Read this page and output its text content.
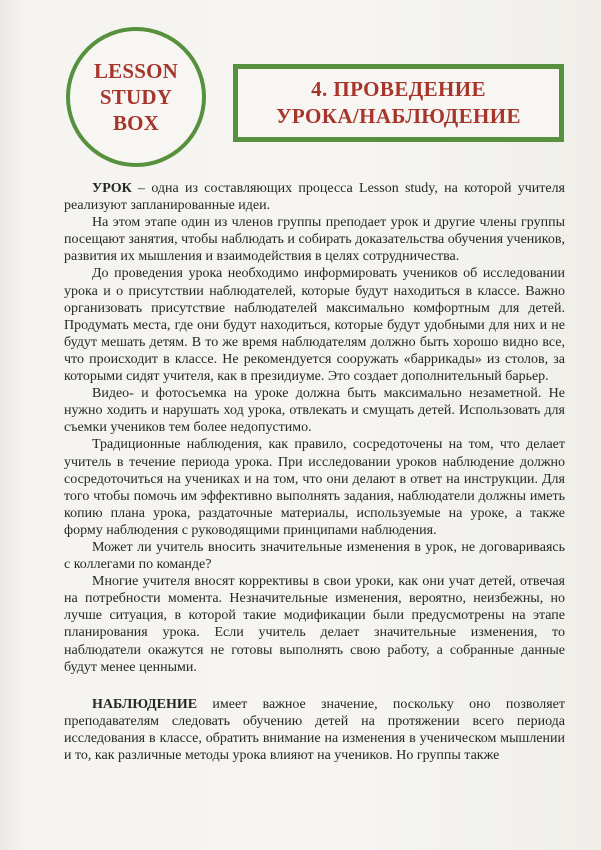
LESSON
STUDY
BOX
4. ПРОВЕДЕНИЕ
УРОКА/НАБЛЮДЕНИЕ

УРОК – одна из составляющих процесса Lesson study, на которой учителя реализуют запланированные идеи.

На этом этапе один из членов группы преподает урок и другие члены группы посещают занятия, чтобы наблюдать и собирать доказательства обучения учеников, развития их мышления и взаимодействия в целях сотрудничества.

До проведения урока необходимо информировать учеников об исследовании урока и о присутствии наблюдателей, которые будут находиться в классе. Важно организовать присутствие наблюдателей максимально комфортным для детей. Продумать места, где они будут находиться, которые будут удобными для них и не будут мешать детям. В то же время наблюдателям должно быть хорошо видно все, что происходит в классе. Не рекомендуется сооружать «баррикады» из столов, за которыми сидят учителя, как в президиуме. Это создает дополнительный барьер.

Видео- и фотосъемка на уроке должна быть максимально незаметной. Не нужно ходить и нарушать ход урока, отвлекать и смущать детей. Использовать для съемки учеников тем более недопустимо.

Традиционные наблюдения, как правило, сосредоточены на том, что делает учитель в течение периода урока. При исследовании уроков наблюдение должно сосредоточиться на учениках и на том, что они делают в ответ на инструкции. Для того чтобы помочь им эффективно выполнять задания, наблюдатели должны иметь копию плана урока, раздаточные материалы, используемые на уроке, а также форму наблюдения с руководящими принципами наблюдения.

Может ли учитель вносить значительные изменения в урок, не договариваясь с коллегами по команде?

Многие учителя вносят коррективы в свои уроки, как они учат детей, отвечая на потребности момента. Незначительные изменения, вероятно, неизбежны, но лучше ситуация, в которой такие модификации были предусмотрены на этапе планирования урока. Если учитель делает значительные изменения, то наблюдатели окажутся не готовы выполнять свою работу, а собранные данные будут менее ценными.

НАБЛЮДЕНИЕ имеет важное значение, поскольку оно позволяет преподавателям следовать обучению детей на протяжении всего периода исследования в классе, обратить внимание на изменения в ученическом мышлении и то, как различные методы урока влияют на учеников. Но группы также
